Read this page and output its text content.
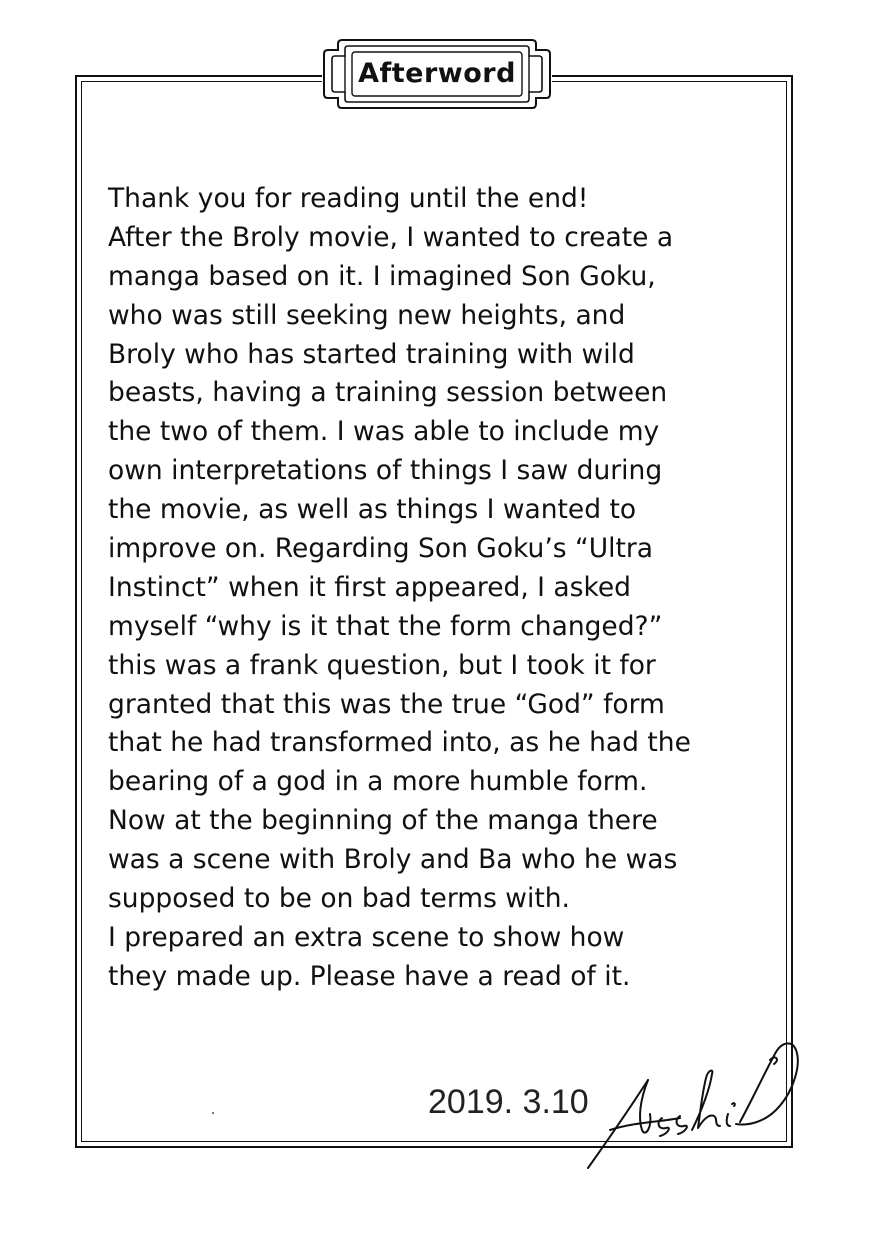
Afterword
Thank you for reading until the end!
After the Broly movie, I wanted to create a
manga based on it. I imagined Son Goku,
who was still seeking new heights, and
Broly who has started training with wild
beasts, having a training session between
the two of them. I was able to include my
own interpretations of things I saw during
the movie, as well as things I wanted to
improve on. Regarding Son Goku’s “Ultra
Instinct” when it first appeared, I asked
myself “why is it that the form changed?”
this was a frank question, but I took it for
granted that this was the true “God” form
that he had transformed into, as he had the
bearing of a god in a more humble form.
Now at the beginning of the manga there
was a scene with Broly and Ba who he was
supposed to be on bad terms with.
I prepared an extra scene to show how
they made up. Please have a read of it.
2019. 3.10
